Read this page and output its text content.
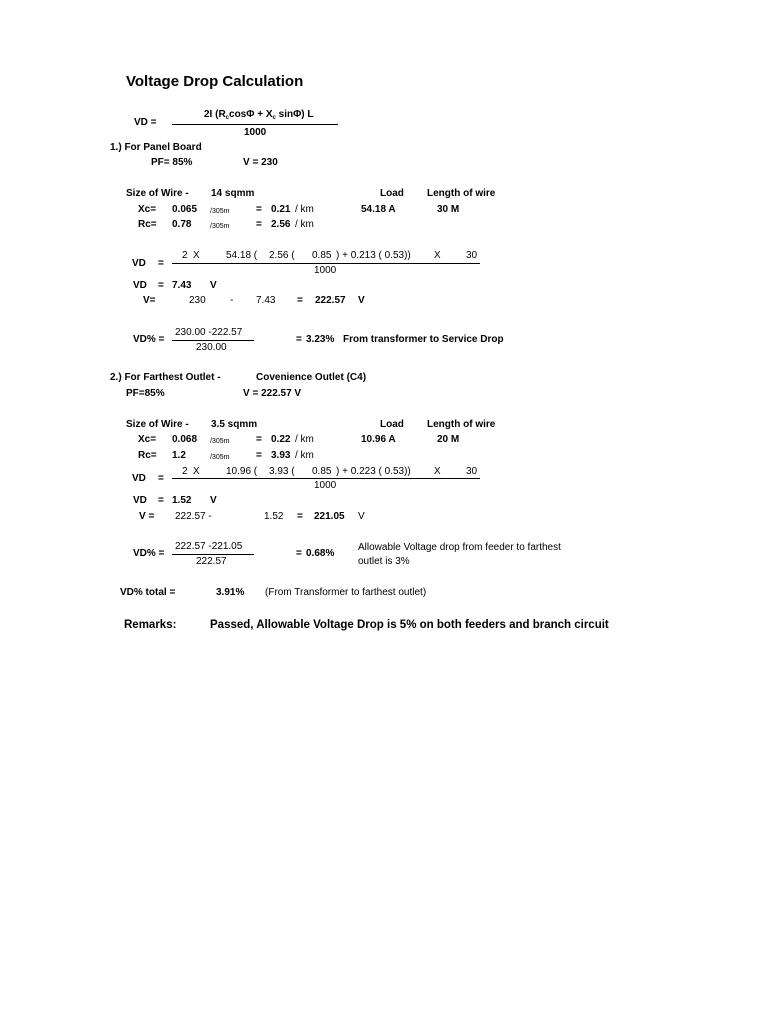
Voltage Drop Calculation
VD =
2I ($R_c\cos\Phi + X_c$ sinΦ) L
1000
1.) For Panel Board
PF= 85%	V = 230
Size of Wire - 14 sqmm	Load Length of wire
Xc= 0.065 /305m	= 0.21 / km	54.18 A	30 M
Rc= 0.78	/305m	= 2.56 / km
VD =
2 X	54.18 ( 2.56 ( 0.85 ) + 0.213 ( 0.53)) X	30
1000
VD = 7.43 V
V=	230 - 7.43 = 222.57 V
VD% =
230.00 -222.57
230.00
= 3.23% From transformer to Service Drop
2.) For Farthest Outlet -	Covenience Outlet (C4)
PF=85%	V = 222.57 V
Size of Wire - 3.5 sqmm	Load Length of wire
Xc= 0.068 /305m	= 0.22 / km	10.96 A	20 M
Rc= 1.2	/305m	= 3.93 / km
VD =
2 X	10.96 ( 3.93 ( 0.85 ) + 0.223 ( 0.53)) X	30
1000
VD = 1.52 V
V = 222.57 -	1.52 = 221.05 V
VD% =
222.57 -221.05
222.57
= 0.68%
Allowable Voltage drop from feeder to farthest
outlet is 3%
VD% total =	3.91% (From Transformer to farthest outlet)
Remarks:	Passed, Allowable Voltage Drop is 5% on both feeders and branch circuit
